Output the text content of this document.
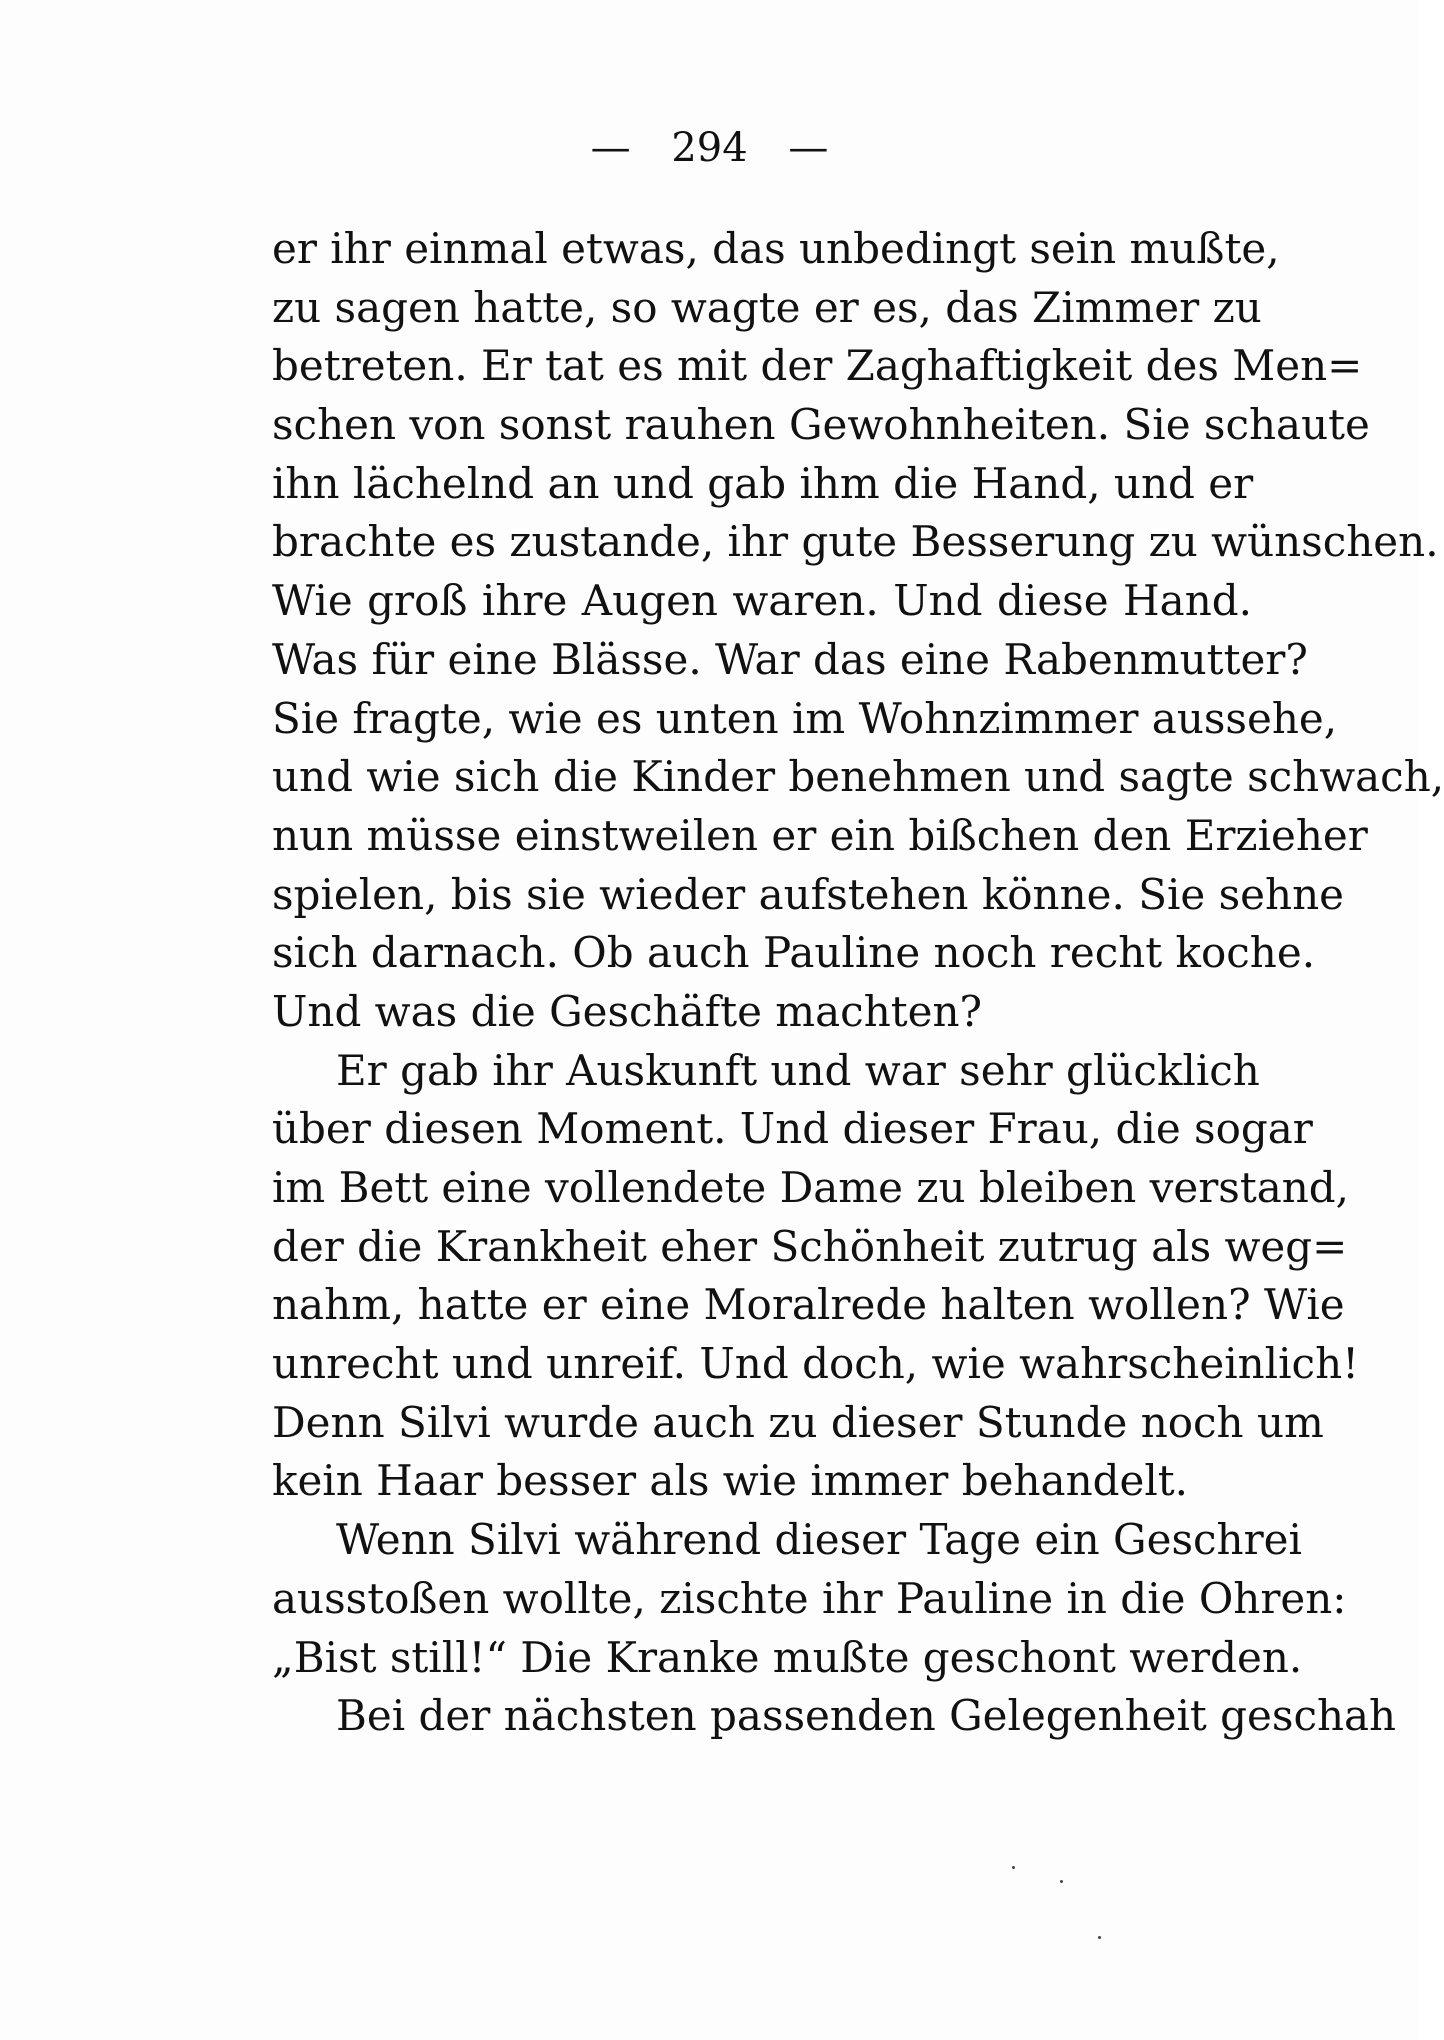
— 294 —
er ihr einmal etwas, das unbedingt sein mußte,
zu sagen hatte, so wagte er es, das Zimmer zu
betreten. Er tat es mit der Zaghaftigkeit des Men=
schen von sonst rauhen Gewohnheiten. Sie schaute
ihn lächelnd an und gab ihm die Hand, und er
brachte es zustande, ihr gute Besserung zu wünschen.
Wie groß ihre Augen waren. Und diese Hand.
Was für eine Blässe. War das eine Rabenmutter?
Sie fragte, wie es unten im Wohnzimmer aussehe,
und wie sich die Kinder benehmen und sagte schwach,
nun müsse einstweilen er ein bißchen den Erzieher
spielen, bis sie wieder aufstehen könne. Sie sehne
sich darnach. Ob auch Pauline noch recht koche.
Und was die Geschäfte machten?
Er gab ihr Auskunft und war sehr glücklich
über diesen Moment. Und dieser Frau, die sogar
im Bett eine vollendete Dame zu bleiben verstand,
der die Krankheit eher Schönheit zutrug als weg=
nahm, hatte er eine Moralrede halten wollen? Wie
unrecht und unreif. Und doch, wie wahrscheinlich!
Denn Silvi wurde auch zu dieser Stunde noch um
kein Haar besser als wie immer behandelt.
Wenn Silvi während dieser Tage ein Geschrei
ausstoßen wollte, zischte ihr Pauline in die Ohren:
„Bist still!“ Die Kranke mußte geschont werden.
Bei der nächsten passenden Gelegenheit geschah
